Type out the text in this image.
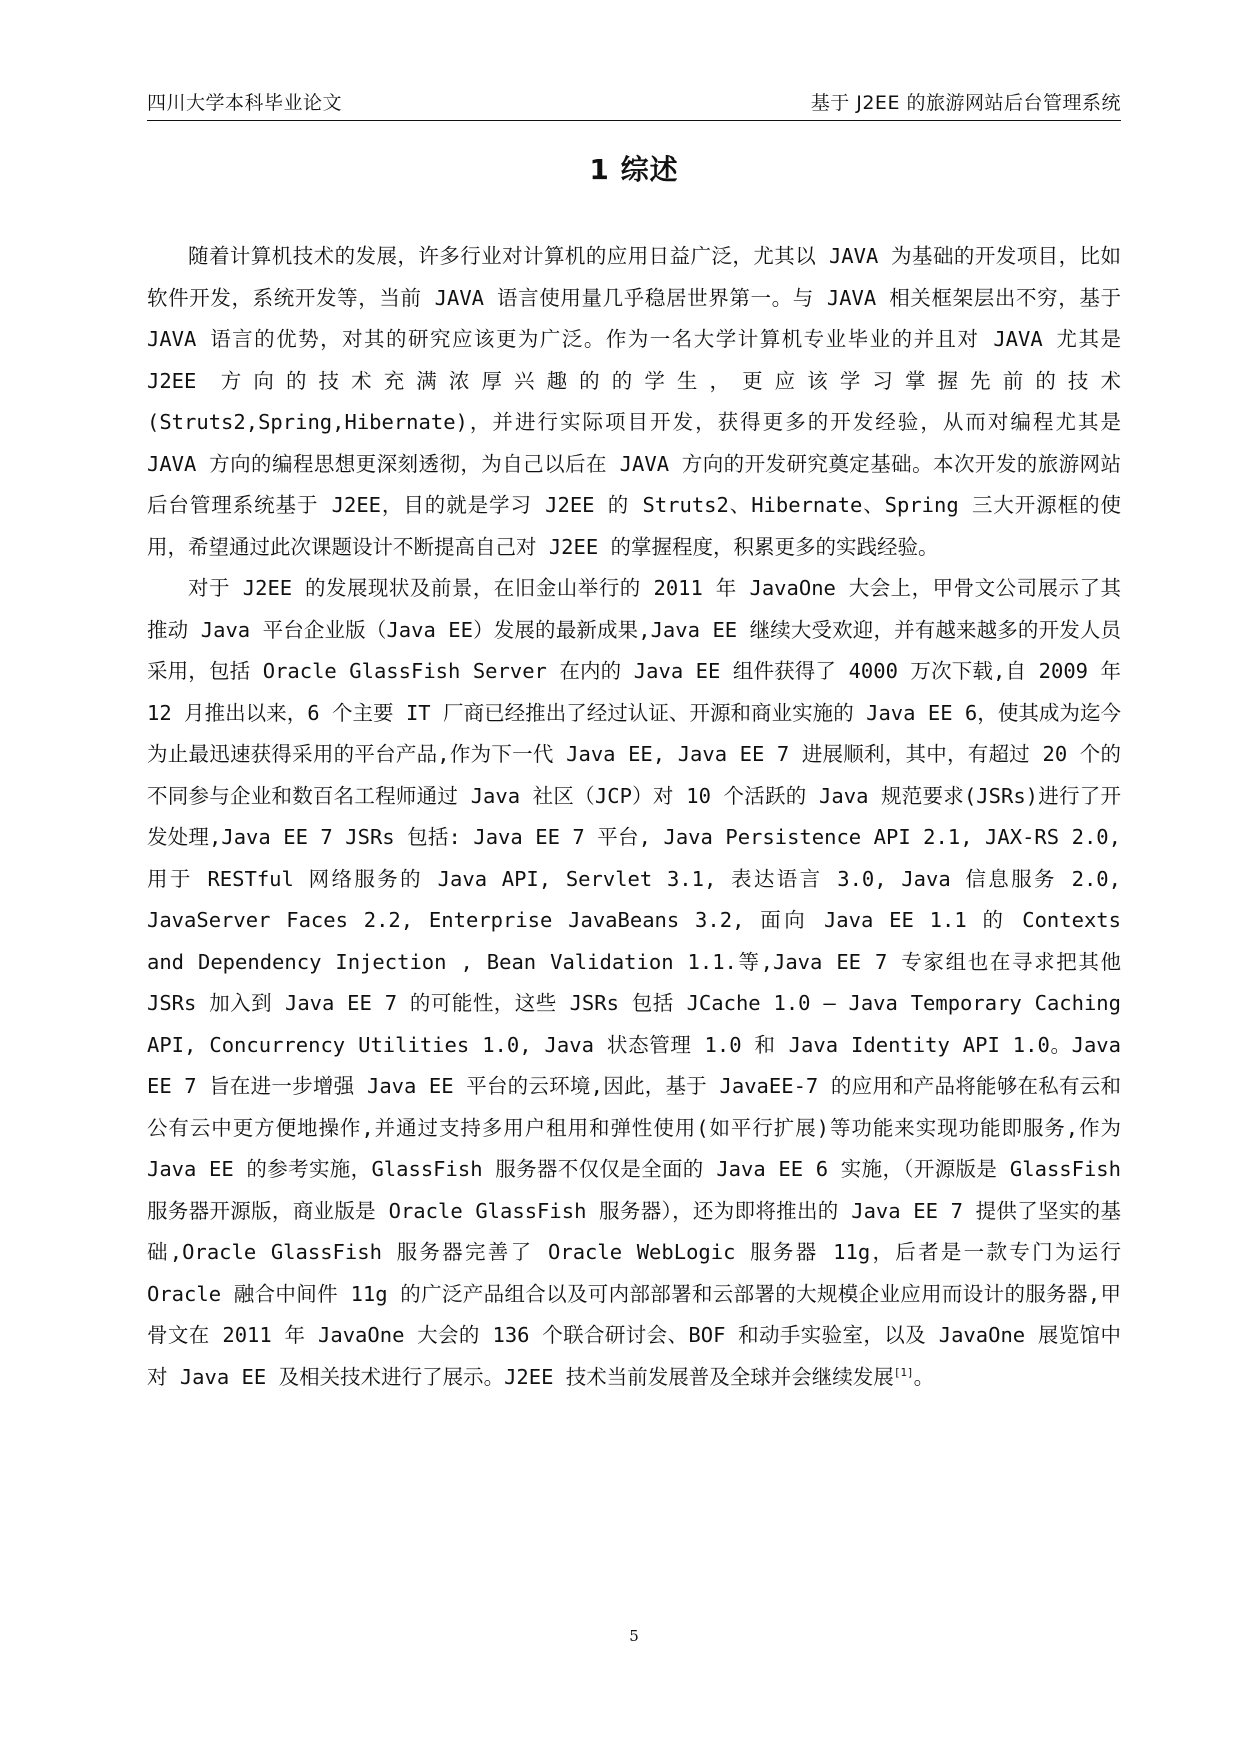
四川大学本科毕业论文	基于 J2EE 的旅游网站后台管理系统
1 综述

随着计算机技术的发展，许多行业对计算机的应用日益广泛，尤其以 JAVA 为基础的开发项目，比如软件开发，系统开发等，当前 JAVA 语言使用量几乎稳居世界第一。与 JAVA 相关框架层出不穷，基于 JAVA 语言的优势，对其的研究应该更为广泛。作为一名大学计算机专业毕业的并且对 JAVA 尤其是 J2EE 方向的技术充满浓厚兴趣的的学生，更应该学习掌握先前的技术(Struts2,Spring,Hibernate)，并进行实际项目开发，获得更多的开发经验，从而对编程尤其是 JAVA 方向的编程思想更深刻透彻，为自己以后在 JAVA 方向的开发研究奠定基础。本次开发的旅游网站后台管理系统基于 J2EE，目的就是学习 J2EE 的 Struts2、Hibernate、Spring 三大开源框的使用，希望通过此次课题设计不断提高自己对 J2EE 的掌握程度，积累更多的实践经验。

对于 J2EE 的发展现状及前景，在旧金山举行的 2011 年 JavaOne 大会上，甲骨文公司展示了其推动 Java 平台企业版（Java EE）发展的最新成果,Java EE 继续大受欢迎，并有越来越多的开发人员采用，包括 Oracle GlassFish Server 在内的 Java EE 组件获得了 4000 万次下载,自 2009 年 12 月推出以来，6 个主要 IT 厂商已经推出了经过认证、开源和商业实施的 Java EE 6，使其成为迄今为止最迅速获得采用的平台产品,作为下一代 Java EE, Java EE 7 进展顺利，其中，有超过 20 个的不同参与企业和数百名工程师通过 Java 社区（JCP）对 10 个活跃的 Java 规范要求(JSRs)进行了开发处理,Java EE 7 JSRs 包括: Java EE 7 平台, Java Persistence API 2.1, JAX-RS 2.0, 用于 RESTful 网络服务的 Java API, Servlet 3.1, 表达语言 3.0, Java 信息服务 2.0, JavaServer Faces 2.2, Enterprise JavaBeans 3.2, 面向 Java EE 1.1 的 Contexts and Dependency Injection , Bean Validation 1.1.等,Java EE 7 专家组也在寻求把其他 JSRs 加入到 Java EE 7 的可能性，这些 JSRs 包括 JCache 1.0 – Java Temporary Caching API, Concurrency Utilities 1.0, Java 状态管理 1.0 和 Java Identity API 1.0。Java EE 7 旨在进一步增强 Java EE 平台的云环境,因此，基于 JavaEE-7 的应用和产品将能够在私有云和公有云中更方便地操作,并通过支持多用户租用和弹性使用(如平行扩展)等功能来实现功能即服务,作为 Java EE 的参考实施，GlassFish 服务器不仅仅是全面的 Java EE 6 实施，（开源版是 GlassFish 服务器开源版，商业版是 Oracle GlassFish 服务器），还为即将推出的 Java EE 7 提供了坚实的基础,Oracle GlassFish 服务器完善了 Oracle WebLogic 服务器 11g，后者是一款专门为运行 Oracle 融合中间件 11g 的广泛产品组合以及可内部部署和云部署的大规模企业应用而设计的服务器,甲骨文在 2011 年 JavaOne 大会的 136 个联合研讨会、BOF 和动手实验室，以及 JavaOne 展览馆中对 Java EE 及相关技术进行了展示。J2EE 技术当前发展普及全球并会继续发展[1]。

5
